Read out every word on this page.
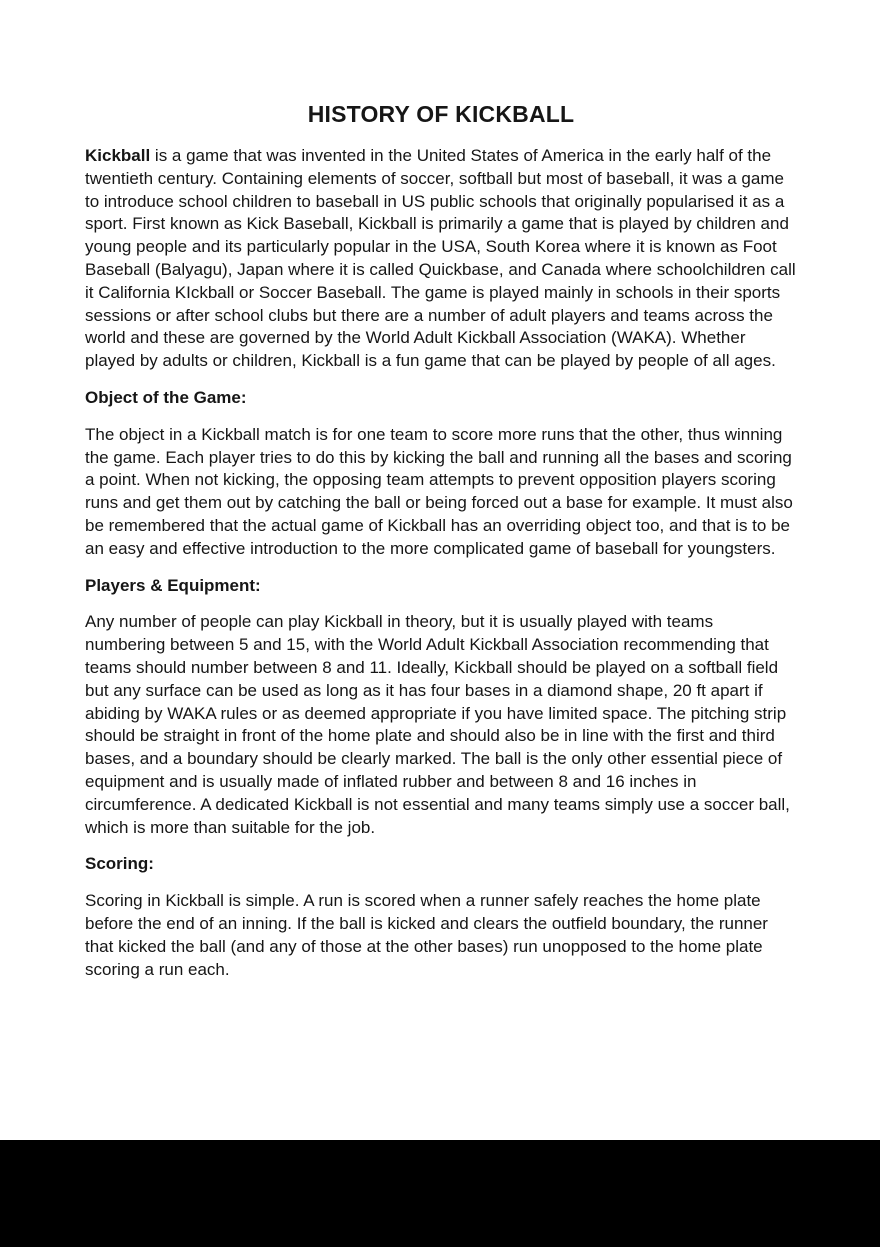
HISTORY OF KICKBALL

Kickball is a game that was invented in the United States of America in the early half of the twentieth century. Containing elements of soccer, softball but most of baseball, it was a game to introduce school children to baseball in US public schools that originally popularised it as a sport. First known as Kick Baseball, Kickball is primarily a game that is played by children and young people and its particularly popular in the USA, South Korea where it is known as Foot Baseball (Balyagu), Japan where it is called Quickbase, and Canada where schoolchildren call it California KIckball or Soccer Baseball. The game is played mainly in schools in their sports sessions or after school clubs but there are a number of adult players and teams across the world and these are governed by the World Adult Kickball Association (WAKA). Whether played by adults or children, Kickball is a fun game that can be played by people of all ages.

Object of the Game:

The object in a Kickball match is for one team to score more runs that the other, thus winning the game. Each player tries to do this by kicking the ball and running all the bases and scoring a point. When not kicking, the opposing team attempts to prevent opposition players scoring runs and get them out by catching the ball or being forced out a base for example. It must also be remembered that the actual game of Kickball has an overriding object too, and that is to be an easy and effective introduction to the more complicated game of baseball for youngsters.

Players & Equipment:

Any number of people can play Kickball in theory, but it is usually played with teams numbering between 5 and 15, with the World Adult Kickball Association recommending that teams should number between 8 and 11. Ideally, Kickball should be played on a softball field but any surface can be used as long as it has four bases in a diamond shape, 20 ft apart if abiding by WAKA rules or as deemed appropriate if you have limited space. The pitching strip should be straight in front of the home plate and should also be in line with the first and third bases, and a boundary should be clearly marked. The ball is the only other essential piece of equipment and is usually made of inflated rubber and between 8 and 16 inches in circumference. A dedicated Kickball is not essential and many teams simply use a soccer ball, which is more than suitable for the job.

Scoring:

Scoring in Kickball is simple. A run is scored when a runner safely reaches the home plate before the end of an inning. If the ball is kicked and clears the outfield boundary, the runner that kicked the ball (and any of those at the other bases) run unopposed to the home plate scoring a run each.
